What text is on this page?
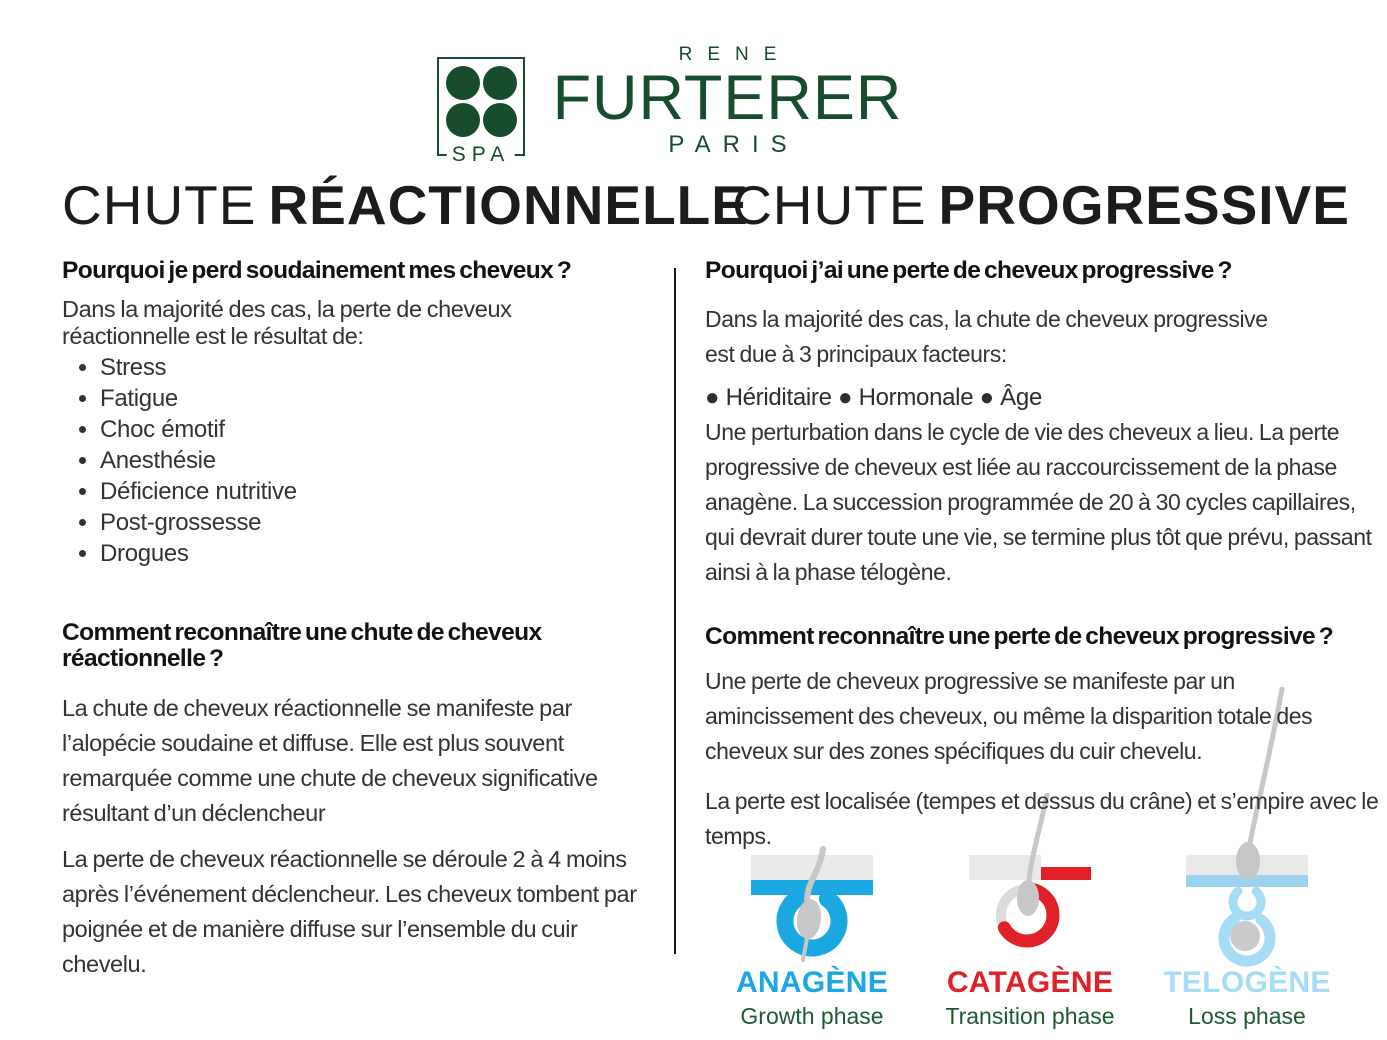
SPA
RENE
FURTERER
PARIS
CHUTE RÉACTIONNELLE
CHUTE PROGRESSIVE
Pourquoi je perd soudainement mes cheveux ?
Dans la majorité des cas, la perte de cheveux
réactionnelle est le résultat de:
• Stress
• Fatigue
• Choc émotif
• Anesthésie
• Déficience nutritive
• Post-grossesse
• Drogues
Comment reconnaître une chute de cheveux
réactionnelle ?
La chute de cheveux réactionnelle se manifeste par l’alopécie soudaine et diffuse. Elle est plus souvent remarquée comme une chute de cheveux significative résultant d’un déclencheur
La perte de cheveux réactionnelle se déroule 2 à 4 moins après l’événement déclencheur. Les cheveux tombent par poignée et de manière diffuse sur l’ensemble du cuir chevelu.
Pourquoi j’ai une perte de cheveux progressive ?
Dans la majorité des cas, la chute de cheveux progressive
est due à 3 principaux facteurs:
● Hériditaire ● Hormonale ● Âge
Une perturbation dans le cycle de vie des cheveux a lieu. La perte progressive de cheveux est liée au raccourcissement de la phase anagène. La succession programmée de 20 à 30 cycles capillaires, qui devrait durer toute une vie, se termine plus tôt que prévu, passant ainsi à la phase télogène.
Comment reconnaître une perte de cheveux progressive ?
Une perte de cheveux progressive se manifeste par un amincissement des cheveux, ou même la disparition totale des cheveux sur des zones spécifiques du cuir chevelu.
La perte est localisée (tempes et dessus du crâne) et s’empire avec le temps.
ANAGÈNE
Growth phase
CATAGÈNE
Transition phase
TELOGÈNE
Loss phase
